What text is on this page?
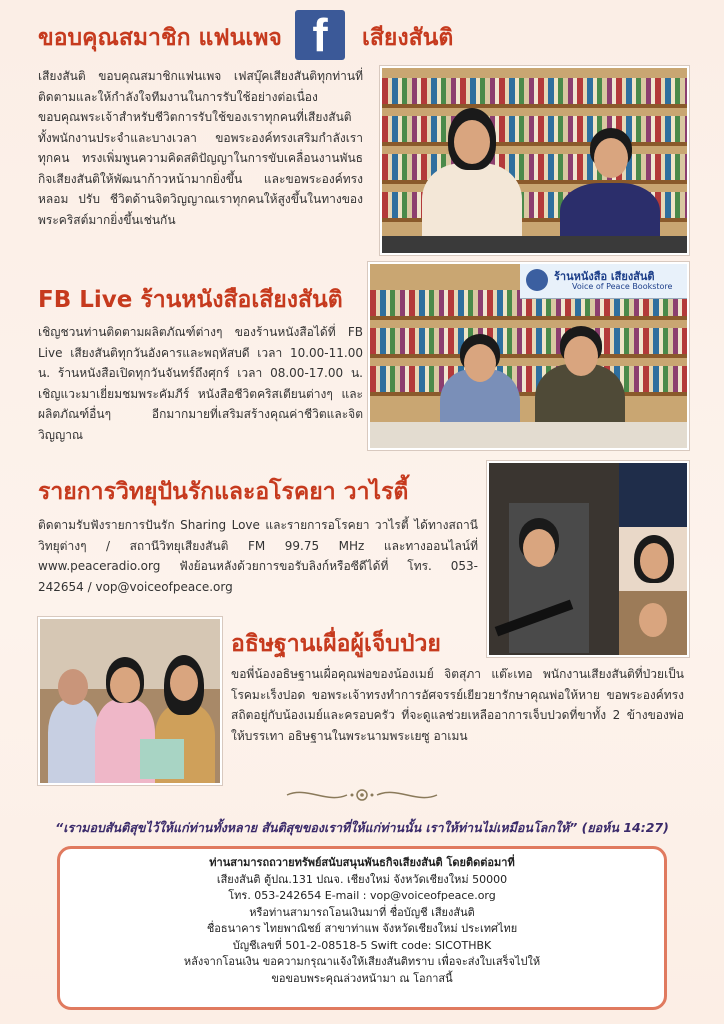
ขอบคุณสมาชิก แฟนเพจ f เสียงสันติ

เสียงสันติ ขอบคุณสมาชิกแฟนเพจ เฟสบุ๊คเสียงสันติทุกท่านที่ติดตามและให้กำลังใจทีมงานในการรับใช้อย่างต่อเนื่อง ขอบคุณพระเจ้าสำหรับชีวิตการรับใช้ของเราทุกคนที่เสียงสันติทั้งพนักงานประจำและบางเวลา ขอพระองค์ทรงเสริมกำลังเราทุกคน ทรงเพิ่มพูนความคิดสติปัญญาในการขับเคลื่อนงานพันธกิจเสียงสันติให้พัฒนาก้าวหน้ามากยิ่งขึ้น และขอพระองค์ทรงหลอม ปรับ ชีวิตด้านจิตวิญญาณเราทุกคนให้สูงขึ้นในทางของพระคริสต์มากยิ่งขึ้นเช่นกัน

FB Live ร้านหนังสือเสียงสันติ

เชิญชวนท่านติดตามผลิตภัณฑ์ต่างๆ ของร้านหนังสือได้ที่ FB Live เสียงสันติทุกวันอังคารและพฤหัสบดี เวลา 10.00-11.00 น. ร้านหนังสือเปิดทุกวันจันทร์ถึงศุกร์ เวลา 08.00-17.00 น. เชิญแวะมาเยี่ยมชมพระคัมภีร์ หนังสือชีวิตคริสเตียนต่างๆ และผลิตภัณฑ์อื่นๆ อีกมากมายที่เสริมสร้างคุณค่าชีวิตและจิตวิญญาณ

ร้านหนังสือ เสียงสันติ
Voice of Peace Bookstore
รายการวิทยุปันรักและอโรคยา วาไรตี้

ติดตามรับฟังรายการปันรัก Sharing Love และรายการอโรคยา วาไรตี้ ได้ทางสถานีวิทยุต่างๆ / สถานีวิทยุเสียงสันติ FM 99.75 MHz และทางออนไลน์ที่ www.peaceradio.org ฟังย้อนหลังด้วยการขอรับลิงก์หรือซีดีได้ที่ โทร. 053-242654 / vop@voiceofpeace.org

อธิษฐานเผื่อผู้เจ็บป่วย

ขอพี่น้องอธิษฐานเผื่อคุณพ่อของน้องเมย์ จิตสุภา แต๊ะเทอ พนักงานเสียงสันติที่ป่วยเป็นโรคมะเร็งปอด ขอพระเจ้าทรงทำการอัศจรรย์เยียวยารักษาคุณพ่อให้หาย ขอพระองค์ทรงสถิตอยู่กับน้องเมย์และครอบครัว ที่จะดูแลช่วยเหลืออาการเจ็บปวดที่ขาทั้ง 2 ข้างของพ่อให้บรรเทา อธิษฐานในพระนามพระเยซู อาเมน

“เรามอบสันติสุขไว้ให้แก่ท่านทั้งหลาย สันติสุขของเราที่ให้แก่ท่านนั้น เราให้ท่านไม่เหมือนโลกให้” (ยอห์น 14:27)
ท่านสามารถถวายทรัพย์สนับสนุนพันธกิจเสียงสันติ โดยติดต่อมาที่
เสียงสันติ ตู้ปณ.131 ปณจ. เชียงใหม่ จังหวัดเชียงใหม่ 50000
โทร. 053-242654 E-mail : vop@voiceofpeace.org
หรือท่านสามารถโอนเงินมาที่ ชื่อบัญชี เสียงสันติ
ชื่อธนาคาร ไทยพาณิชย์ สาขาท่าแพ จังหวัดเชียงใหม่ ประเทศไทย
บัญชีเลขที่ 501-2-08518-5 Swift code: SICOTHBK
หลังจากโอนเงิน ขอความกรุณาแจ้งให้เสียงสันติทราบ เพื่อจะส่งใบเสร็จไปให้
ขอขอบพระคุณล่วงหน้ามา ณ โอกาสนี้
